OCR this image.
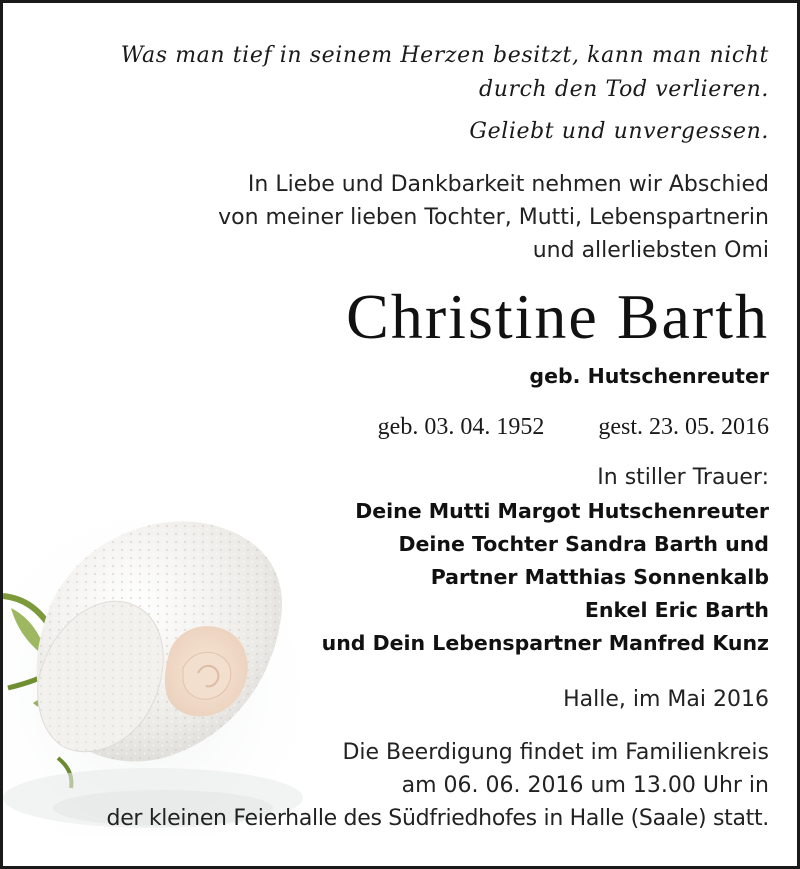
Was man tief in seinem Herzen besitzt, kann man nicht
durch den Tod verlieren.
Geliebt und unvergessen.
In Liebe und Dankbarkeit nehmen wir Abschied
von meiner lieben Tochter, Mutti, Lebenspartnerin
und allerliebsten Omi
Christine Barth
geb. Hutschenreuter
geb. 03. 04. 1952 gest. 23. 05. 2016
In stiller Trauer:
Deine Mutti Margot Hutschenreuter
Deine Tochter Sandra Barth und
Partner Matthias Sonnenkalb
Enkel Eric Barth
und Dein Lebenspartner Manfred Kunz
Halle, im Mai 2016
Die Beerdigung findet im Familienkreis
am 06. 06. 2016 um 13.00 Uhr in
der kleinen Feierhalle des Südfriedhofes in Halle (Saale) statt.
